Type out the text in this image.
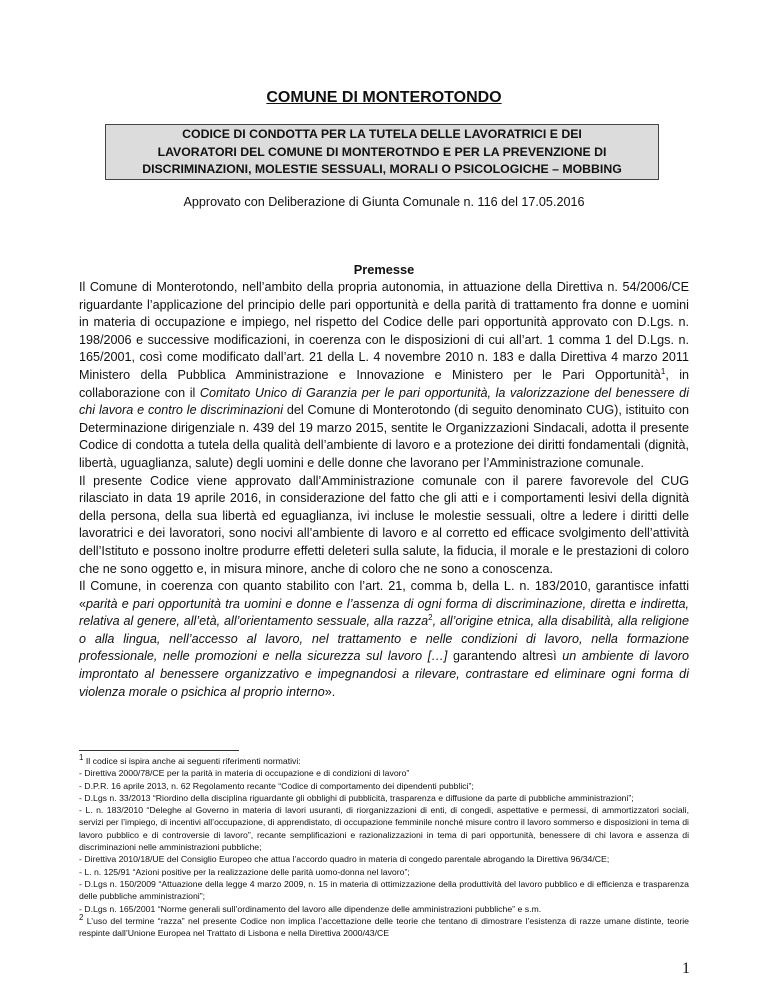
COMUNE DI MONTEROTONDO
CODICE DI CONDOTTA PER LA TUTELA DELLE LAVORATRICI E DEI
LAVORATORI DEL COMUNE DI MONTEROTNDO E PER LA PREVENZIONE DI
DISCRIMINAZIONI, MOLESTIE SESSUALI, MORALI O PSICOLOGICHE – MOBBING
Approvato con Deliberazione di Giunta Comunale n. 116 del 17.05.2016
Premesse

Il Comune di Monterotondo, nell’ambito della propria autonomia, in attuazione della Direttiva n. 54/2006/CE riguardante l’applicazione del principio delle pari opportunità e della parità di trattamento fra donne e uomini in materia di occupazione e impiego, nel rispetto del Codice delle pari opportunità approvato con D.Lgs. n. 198/2006 e successive modificazioni, in coerenza con le disposizioni di cui all’art. 1 comma 1 del D.Lgs. n. 165/2001, così come modificato dall’art. 21 della L. 4 novembre 2010 n. 183 e dalla Direttiva 4 marzo 2011 Ministero della Pubblica Amministrazione e Innovazione e Ministero per le Pari Opportunità$^1$, in collaborazione con il Comitato Unico di Garanzia per le pari opportunità, la valorizzazione del benessere di chi lavora e contro le discriminazioni del Comune di Monterotondo (di seguito denominato CUG), istituito con Determinazione dirigenziale n. 439 del 19 marzo 2015, sentite le Organizzazioni Sindacali, adotta il presente Codice di condotta a tutela della qualità dell’ambiente di lavoro e a protezione dei diritti fondamentali (dignità, libertà, uguaglianza, salute) degli uomini e delle donne che lavorano per l’Amministrazione comunale.

Il presente Codice viene approvato dall’Amministrazione comunale con il parere favorevole del CUG rilasciato in data 19 aprile 2016, in considerazione del fatto che gli atti e i comportamenti lesivi della dignità della persona, della sua libertà ed eguaglianza, ivi incluse le molestie sessuali, oltre a ledere i diritti delle lavoratrici e dei lavoratori, sono nocivi all’ambiente di lavoro e al corretto ed efficace svolgimento dell’attività dell’Istituto e possono inoltre produrre effetti deleteri sulla salute, la fiducia, il morale e le prestazioni di coloro che ne sono oggetto e, in misura minore, anche di coloro che ne sono a conoscenza.

Il Comune, in coerenza con quanto stabilito con l’art. 21, comma b, della L. n. 183/2010, garantisce infatti «parità e pari opportunità tra uomini e donne e l’assenza di ogni forma di discriminazione, diretta e indiretta, relativa al genere, all’età, all’orientamento sessuale, alla razza$^2$, all’origine etnica, alla disabilità, alla religione o alla lingua, nell’accesso al lavoro, nel trattamento e nelle condizioni di lavoro, nella formazione professionale, nelle promozioni e nella sicurezza sul lavoro […] garantendo altresì un ambiente di lavoro improntato al benessere organizzativo e impegnandosi a rilevare, contrastare ed eliminare ogni forma di violenza morale o psichica al proprio interno».

$^1$ Il codice si ispira anche ai seguenti riferimenti normativi:

- Direttiva 2000/78/CE per la parità in materia di occupazione e di condizioni di lavoro”

- D.P.R. 16 aprile 2013, n. 62 Regolamento recante “Codice di comportamento dei dipendenti pubblici”;

- D.Lgs n. 33/2013 “Riordino della disciplina riguardante gli obblighi di pubblicità, trasparenza e diffusione da parte di pubbliche amministrazioni”;

- L. n. 183/2010 “Deleghe al Governo in materia di lavori usuranti, di riorganizzazioni di enti, di congedi, aspettative e permessi, di ammortizzatori sociali, servizi per l’impiego, di incentivi all’occupazione, di apprendistato, di occupazione femminile nonché misure contro il lavoro sommerso e disposizioni in tema di lavoro pubblico e di controversie di lavoro”, recante semplificazioni e razionalizzazioni in tema di pari opportunità, benessere di chi lavora e assenza di discriminazioni nelle amministrazioni pubbliche;

- Direttiva 2010/18/UE del Consiglio Europeo che attua l’accordo quadro in materia di congedo parentale abrogando la Direttiva 96/34/CE;

- L. n. 125/91 “Azioni positive per la realizzazione delle parità uomo-donna nel lavoro”;

- D.Lgs n. 150/2009 “Attuazione della legge 4 marzo 2009, n. 15 in materia di ottimizzazione della produttività del lavoro pubblico e di efficienza e trasparenza delle pubbliche amministrazioni”;

- D.Lgs n. 165/2001 “Norme generali sull’ordinamento del lavoro alle dipendenze delle amministrazioni pubbliche” e s.m.

$^2$ L’uso del termine “razza” nel presente Codice non implica l’accettazione delle teorie che tentano di dimostrare l’esistenza di razze umane distinte, teorie respinte dall’Unione Europea nel Trattato di Lisbona e nella Direttiva 2000/43/CE

1
